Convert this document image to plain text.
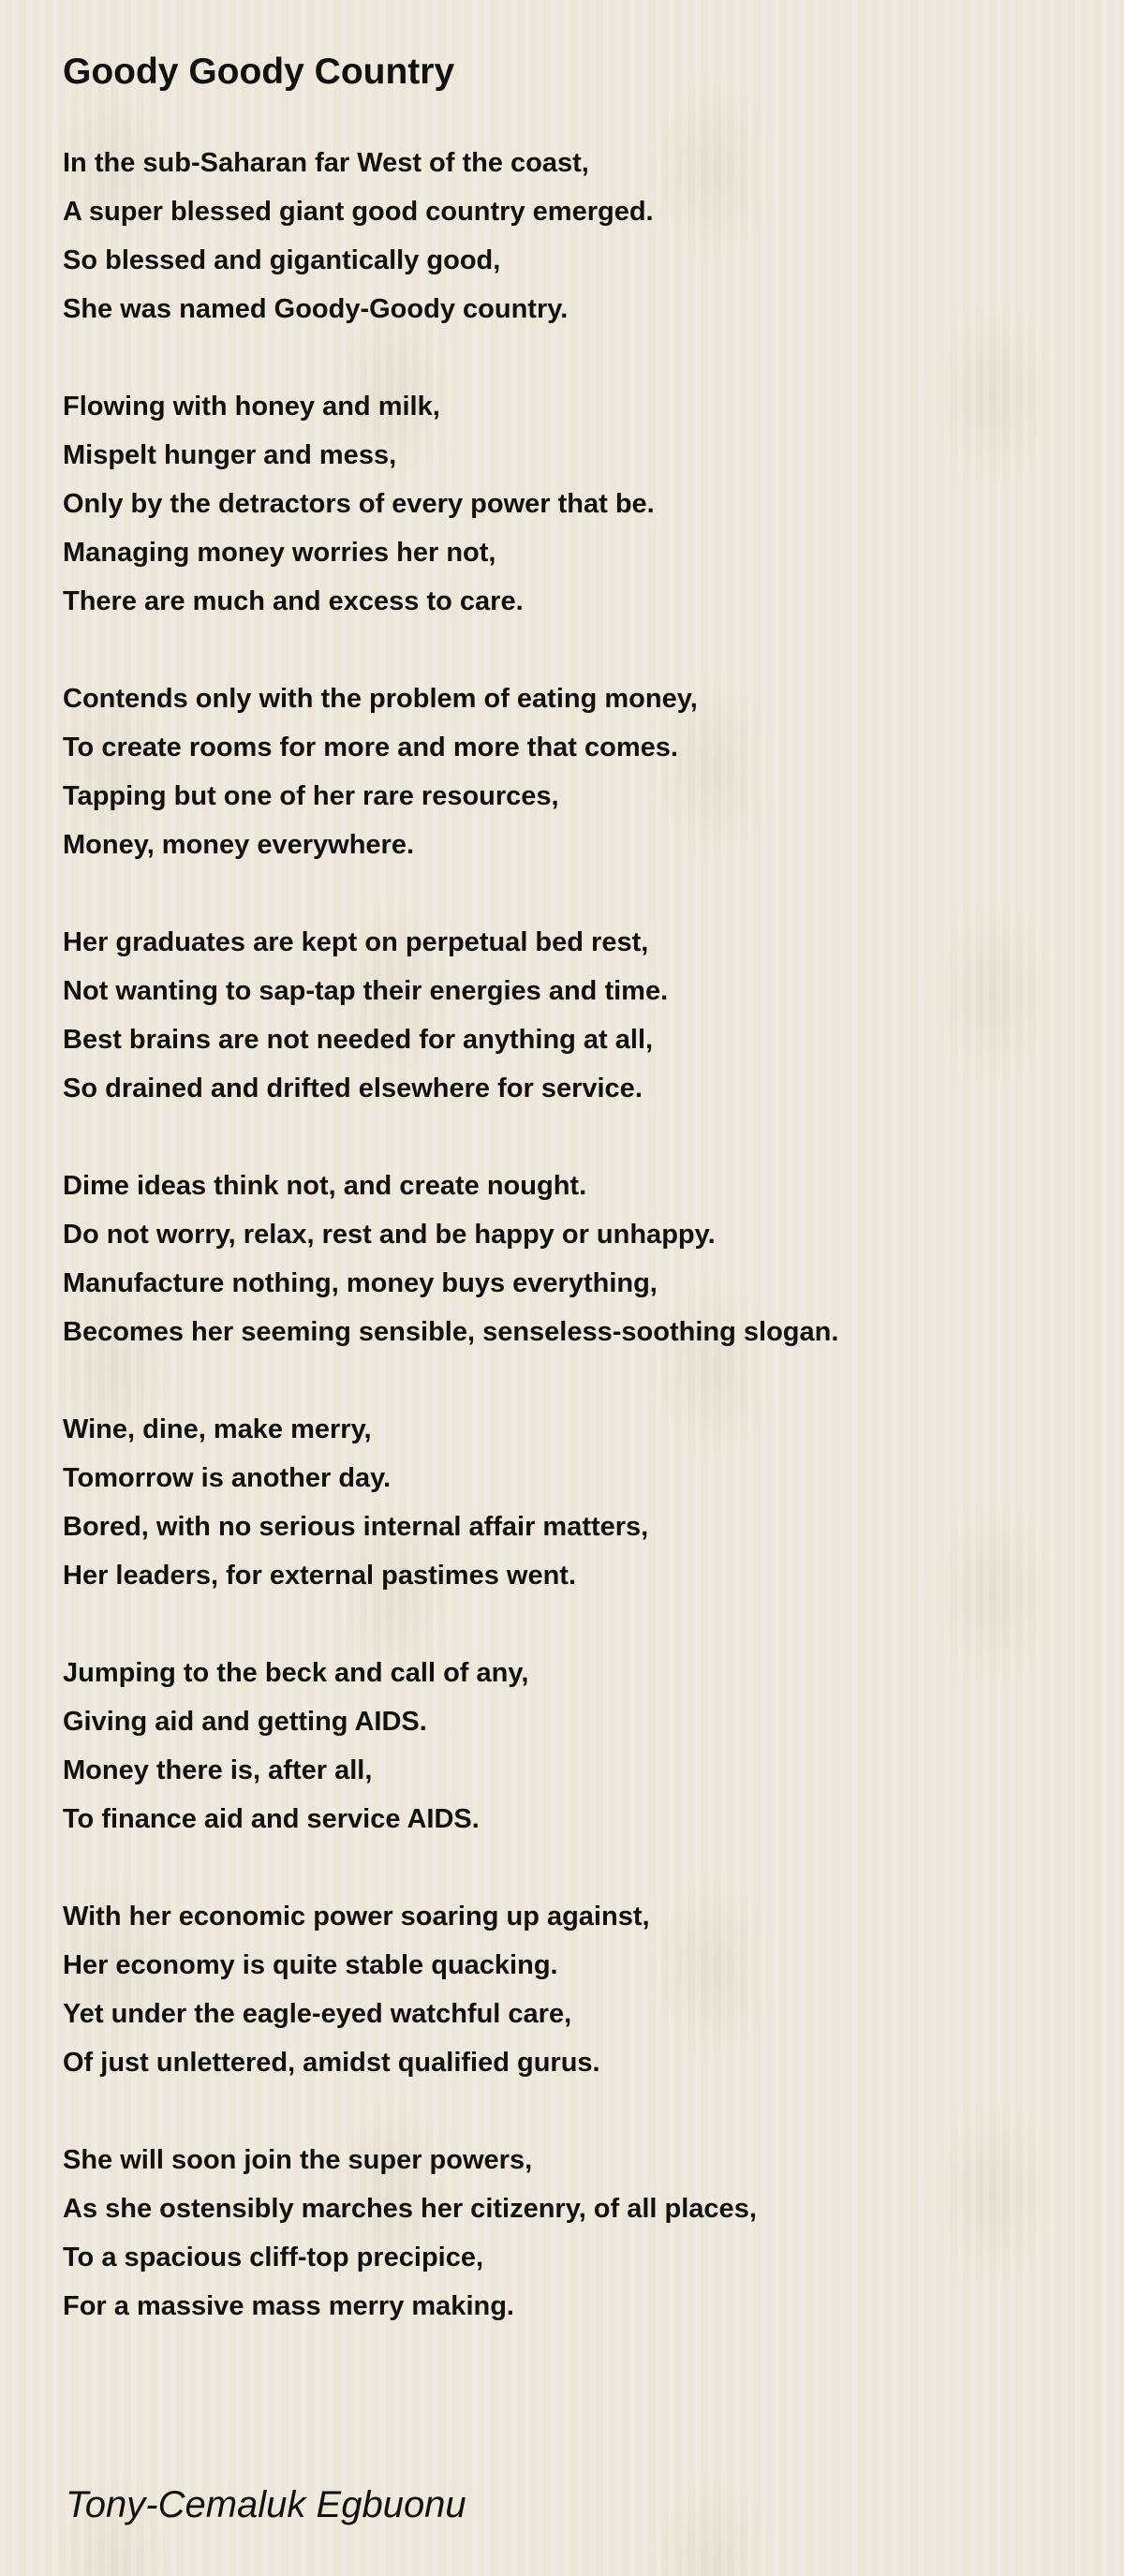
Goody Goody Country
In the sub-Saharan far West of the coast,
A super blessed giant good country emerged.
So blessed and gigantically good,
She was named Goody-Goody country.
Flowing with honey and milk,
Mispelt hunger and mess,
Only by the detractors of every power that be.
Managing money worries her not,
There are much and excess to care.
Contends only with the problem of eating money,
To create rooms for more and more that comes.
Tapping but one of her rare resources,
Money, money everywhere.
Her graduates are kept on perpetual bed rest,
Not wanting to sap-tap their energies and time.
Best brains are not needed for anything at all,
So drained and drifted elsewhere for service.
Dime ideas think not, and create nought.
Do not worry, relax, rest and be happy or unhappy.
Manufacture nothing, money buys everything,
Becomes her seeming sensible, senseless-soothing slogan.
Wine, dine, make merry,
Tomorrow is another day.
Bored, with no serious internal affair matters,
Her leaders, for external pastimes went.
Jumping to the beck and call of any,
Giving aid and getting AIDS.
Money there is, after all,
To finance aid and service AIDS.
With her economic power soaring up against,
Her economy is quite stable quacking.
Yet under the eagle-eyed watchful care,
Of just unlettered, amidst qualified gurus.
She will soon join the super powers,
As she ostensibly marches her citizenry, of all places,
To a spacious cliff-top precipice,
For a massive mass merry making.
Tony-Cemaluk Egbuonu
